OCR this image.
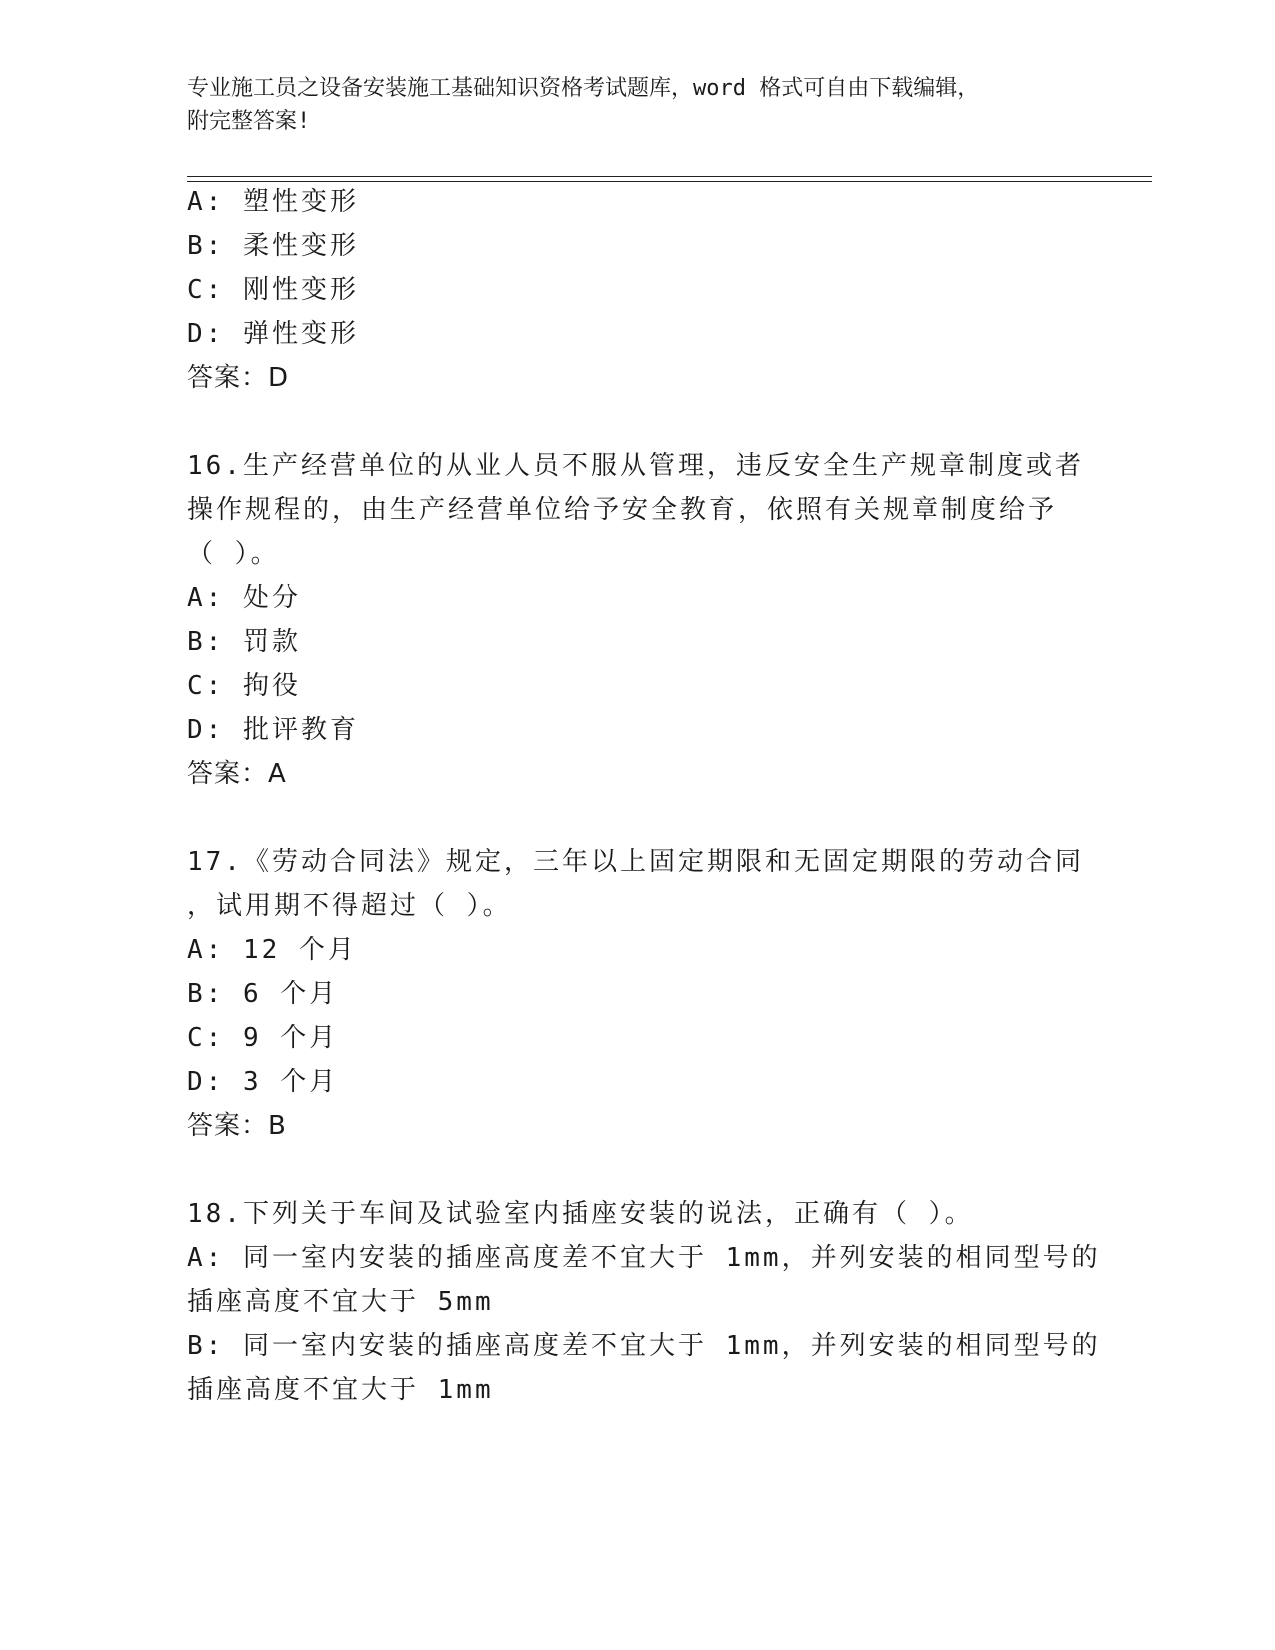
专业施工员之设备安装施工基础知识资格考试题库，word 格式可自由下载编辑，
附完整答案!
A: 塑性变形
B: 柔性变形
C: 刚性变形
D: 弹性变形
答案：D
16.生产经营单位的从业人员不服从管理，违反安全生产规章制度或者
操作规程的，由生产经营单位给予安全教育，依照有关规章制度给予
（ ）。
A: 处分
B: 罚款
C: 拘役
D: 批评教育
答案：A
17.《劳动合同法》规定，三年以上固定期限和无固定期限的劳动合同
，试用期不得超过（ ）。
A: 12 个月
B: 6 个月
C: 9 个月
D: 3 个月
答案：B
18.下列关于车间及试验室内插座安装的说法，正确有（ ）。
A: 同一室内安装的插座高度差不宜大于 1mm，并列安装的相同型号的
插座高度不宜大于 5mm
B: 同一室内安装的插座高度差不宜大于 1mm，并列安装的相同型号的
插座高度不宜大于 1mm
